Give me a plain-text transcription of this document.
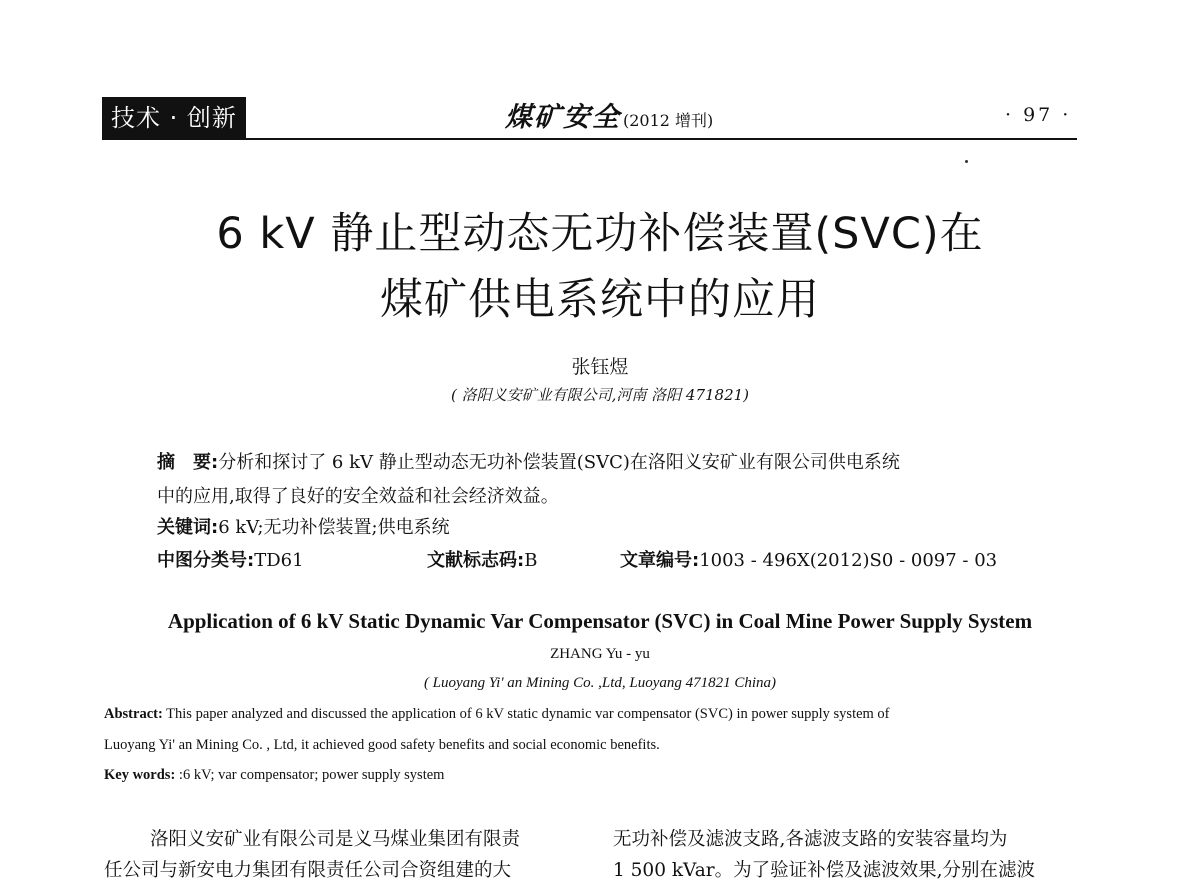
技术 · 创新	煤矿安全 (2012 增刊)	· 97 ·
6 kV 静止型动态无功补偿装置(SVC)在
煤矿供电系统中的应用
张钰煜
( 洛阳义安矿业有限公司,河南 洛阳 471821)
摘　要:分析和探讨了 6 kV 静止型动态无功补偿装置(SVC)在洛阳义安矿业有限公司供电系统
中的应用,取得了良好的安全效益和社会经济效益。
关键词:6 kV;无功补偿装置;供电系统
中图分类号:TD61	文献标志码:B	文章编号:1003 - 496X(2012)S0 - 0097 - 03
Application of 6 kV Static Dynamic Var Compensator (SVC) in Coal Mine Power Supply System
ZHANG Yu - yu
( Luoyang Yi' an Mining Co. ,Ltd, Luoyang 471821 China)
Abstract: This paper analyzed and discussed the application of 6 kV static dynamic var compensator (SVC) in power supply system of
Luoyang Yi' an Mining Co. , Ltd, it achieved good safety benefits and social economic benefits.
Key words: :6 kV; var compensator; power supply system
洛阳义安矿业有限公司是义马煤业集团有限责
任公司与新安电力集团有限责任公司合资组建的大
无功补偿及滤波支路,各滤波支路的安装容量均为
1 500 kVar。为了验证补偿及滤波效果,分别在滤波
